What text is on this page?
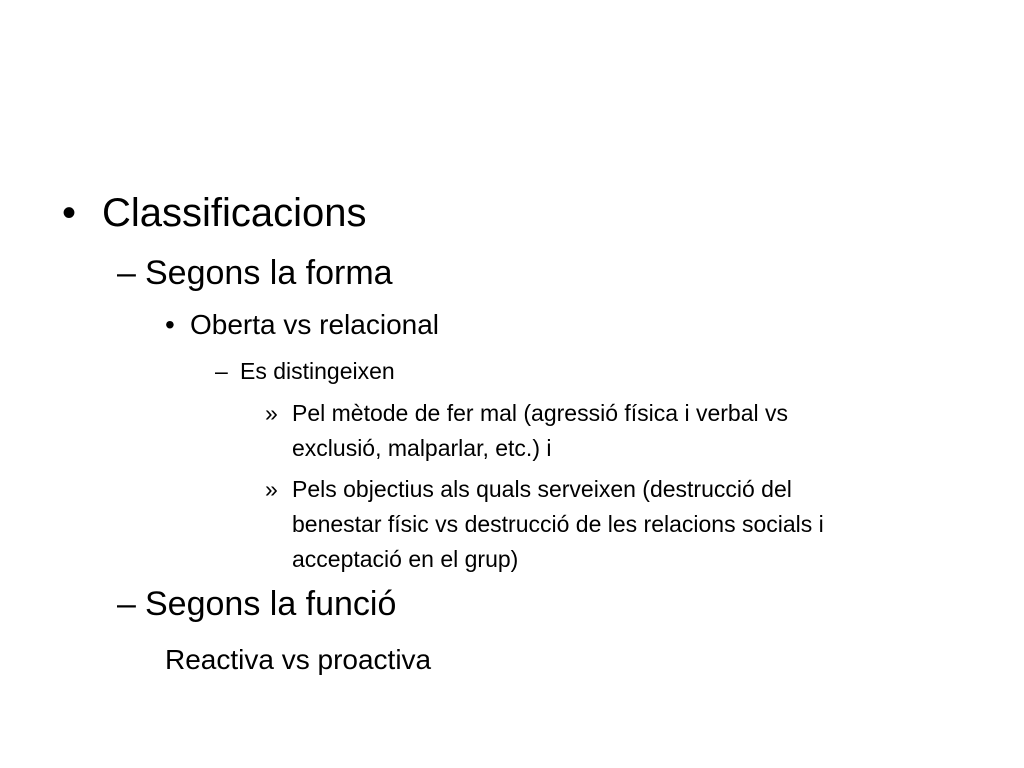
• Classificacions
– Segons la forma
• Oberta vs relacional
– Es distingeixen
» Pel mètode de fer mal (agressió física i verbal vs
exclusió, malparlar, etc.) i
» Pels objectius als quals serveixen (destrucció del
benestar físic vs destrucció de les relacions socials i
acceptació en el grup)
– Segons la funció
Reactiva vs proactiva
